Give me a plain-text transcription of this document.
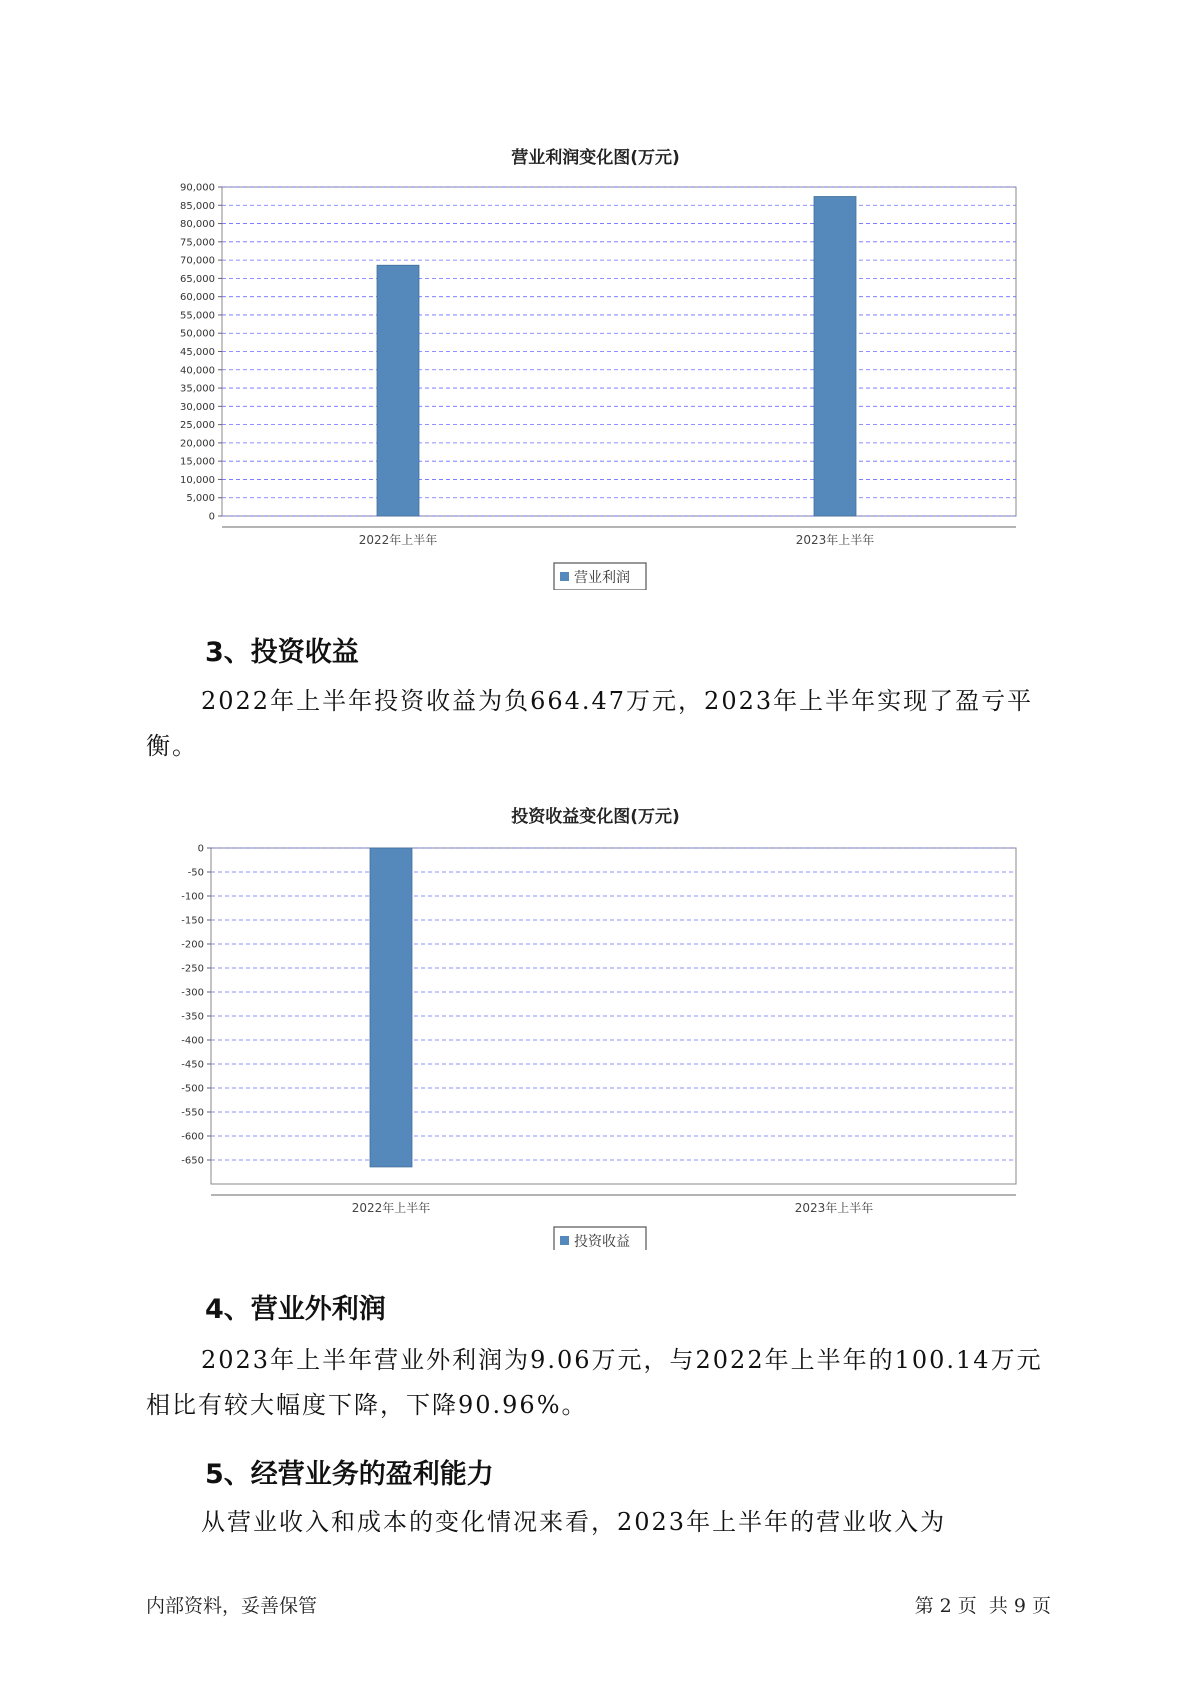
营业利润变化图(万元)
0
5,000
10,000
15,000
20,000
25,000
30,000
35,000
40,000
45,000
50,000
55,000
60,000
65,000
70,000
75,000
80,000
85,000
90,000
2022年上半年	2023年上半年
营业利润
3、投资收益
2022年上半年投资收益为负664.47万元，2023年上半年实现了盈亏平衡。
投资收益变化图(万元)
0
-50
-100
-150
-200
-250
-300
-350
-400
-450
-500
-550
-600
-650
2022年上半年	2023年上半年
投资收益
4、营业外利润
2023年上半年营业外利润为9.06万元，与2022年上半年的100.14万元相比有较大幅度下降，下降90.96%。
5、经营业务的盈利能力
从营业收入和成本的变化情况来看，2023年上半年的营业收入为
内部资料，妥善保管	第 2 页  共 9 页
